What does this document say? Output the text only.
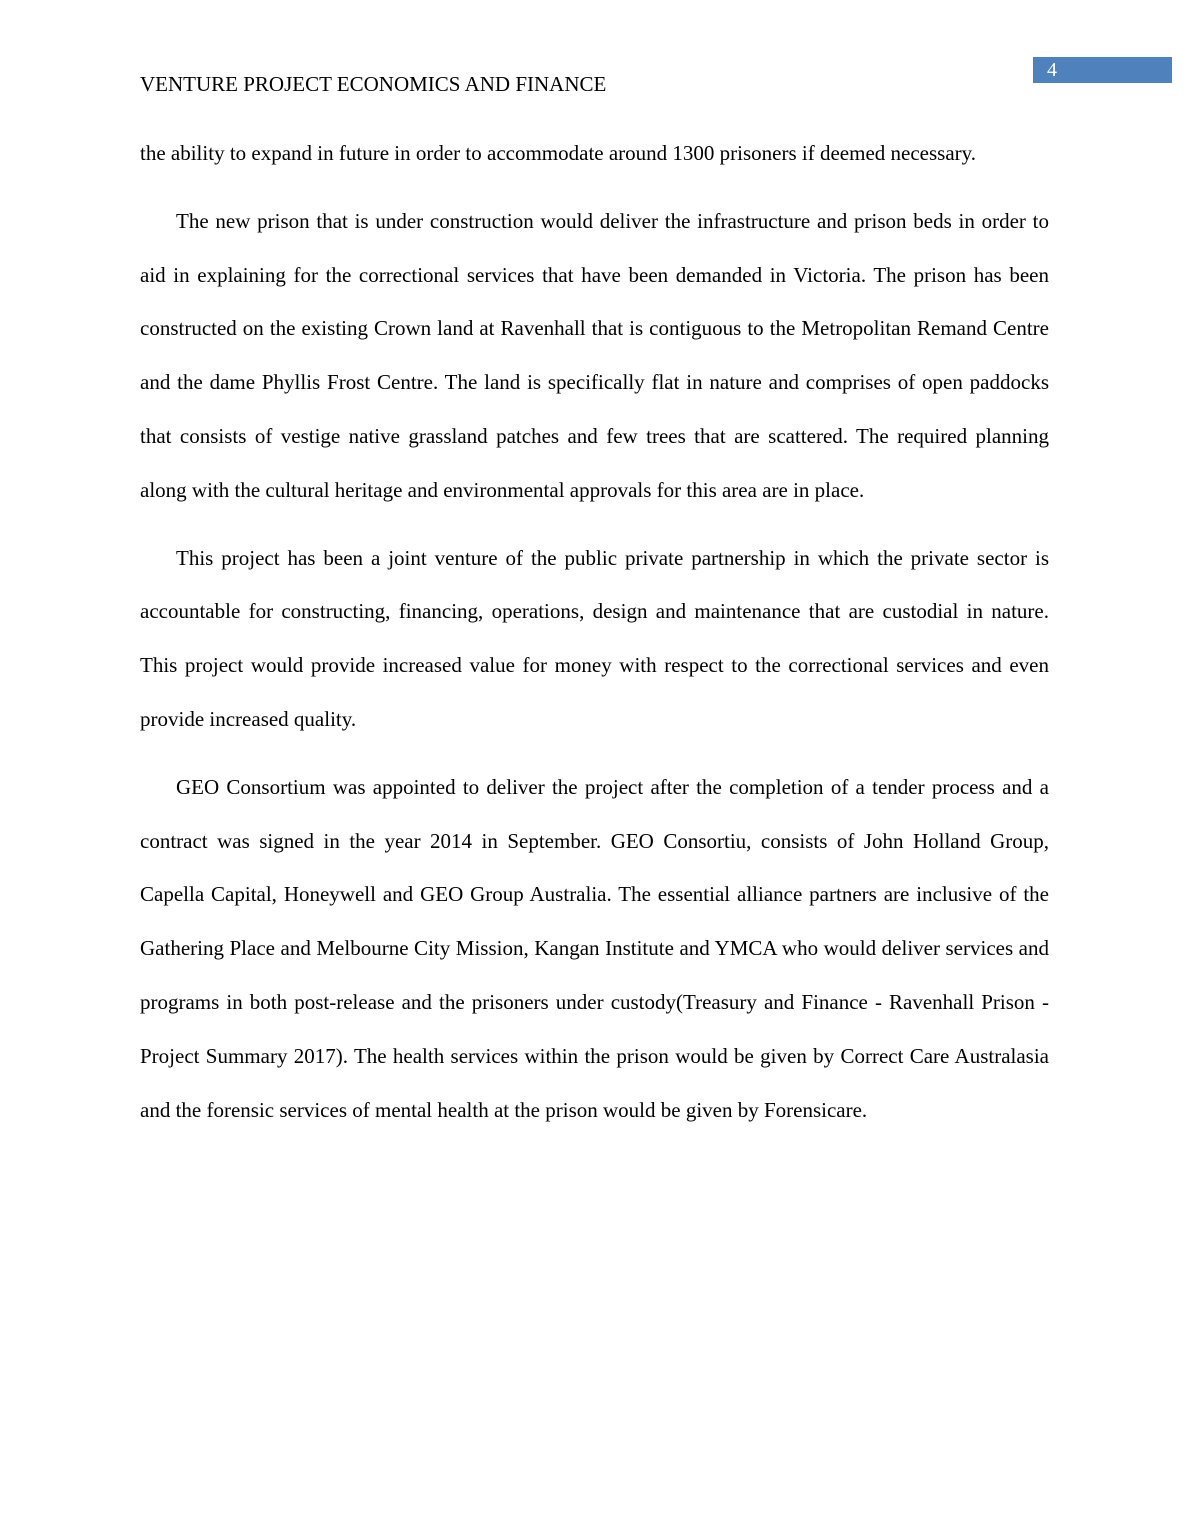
4
VENTURE PROJECT ECONOMICS AND FINANCE

the ability to expand in future in order to accommodate around 1300 prisoners if deemed necessary.

The new prison that is under construction would deliver the infrastructure and prison beds in order to aid in explaining for the correctional services that have been demanded in Victoria. The prison has been constructed on the existing Crown land at Ravenhall that is contiguous to the Metropolitan Remand Centre and the dame Phyllis Frost Centre. The land is specifically flat in nature and comprises of open paddocks that consists of vestige native grassland patches and few trees that are scattered. The required planning along with the cultural heritage and environmental approvals for this area are in place.

This project has been a joint venture of the public private partnership in which the private sector is accountable for constructing, financing, operations, design and maintenance that are custodial in nature. This project would provide increased value for money with respect to the correctional services and even provide increased quality.

GEO Consortium was appointed to deliver the project after the completion of a tender process and a contract was signed in the year 2014 in September. GEO Consortiu, consists of John Holland Group, Capella Capital, Honeywell and GEO Group Australia. The essential alliance partners are inclusive of the Gathering Place and Melbourne City Mission, Kangan Institute and YMCA who would deliver services and programs in both post-release and the prisoners under custody(Treasury and Finance - Ravenhall Prison - Project Summary 2017). The health services within the prison would be given by Correct Care Australasia and the forensic services of mental health at the prison would be given by Forensicare.
